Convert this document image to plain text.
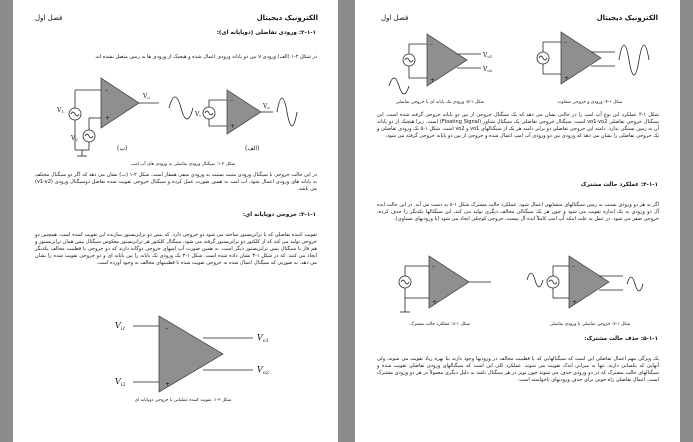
الکترونیک دیجیتال
فصل اول
۲-۱-۱: ورودی تفاضلی (دوپایانه ای):
در شکل ۲-۱ (الف) ورودی v بین دو پایانه ورودی اعمال شده و هیچیک از ورودی ها به زمین متصل نشده اند.
–
+
Vo
V1
V2
(ب)
–
+
Vi
Vo
(الف)
شکل ۲-۱: سیگنال ورودی تفاضلی به ورودی های آپ امپ
در این حالت خروجی با سیگنال ورودی مثبت نسبت به ورودی منفی همفاز است. شکل ۲-۱ (ب) نشان می دهد که اگر دو سیگنال مختلف به پایانه های ورودی اعمال شود، آپ امپ به همین صورت عمل کرده و سیگنال خروجی تقویت شده تفاضل دوسیگنال ورودی (v1-v2) می باشد.
۳-۱-۱: خروجی دوپایانه ای:
تقویت کننده تفاضلی که با ترانزیستور ساخته می شود دو خروجی دارد. که بیس دو ترانزیستور سازنده این تقویت کننده است. همچنین دو خروجی تولید می کند که از کلکتور دو ترانزیستور گرفته می شود. سیگنال کلکتور هر ترانزیستور معکوس سیگنال بیس همان ترانزیستور و هم فاز با سیگنال بیس ترانزیستور دیگر است. به همین صورت آپ امپهای خروجی دوگانه دارند که دو خروجی با قطبیت مخالف یکدیگر ایجاد می کنند. که در شکل ۱-۳ نشان داده شده است. شکل ۱-۳ یک ورودی تک پایانه را بین پایانه ای و دو خروجی تقویت شده را نشان می دهد. به صورتی که سیگنال اعمال شده به خروجی تقویت شده با قطبیتهای مخالف به وجود آورده است.
–
+
$V_{i1}$
$V_{i2}$
$V_{o1}$
$V_{o2}$
شکل ۳-۱: تقویت کننده عملیاتی با خروجی دوپایانه ای
الکترونیک دیجیتال
فصل اول
–
+
Vo1
Vo2
–
+
شکل ۱-۵: ورودی تک پایانه ای با خروجی تفاضلی	شکل ۱-۴: ورودی و خروجی متفاوت
شکل ۱-۴ عملکرد این نوع آپ امپ را در حالتی نشان می دهد که یک سیگنال خروجی از بین دو پایانه خروجی گرفته شده است. این سیگنال خروجی تفاضلی vo1-vo2 است. سیگنال خروجی تفاضلی یک سیگنال شناور (Floating Signal) است. زیرا هیچیک از دو پایانه آن به زمین بستگی ندارد. دامنه این خروجی تفاضلی دو برابر دامنه هر یک از سیگنالهای vo1 و vo2 است. شکل ۱-۵ یک ورودی تفاضلی و یک خروجی تفاضلی را نشان می دهد که ورودی بین دو ورودی آپ امپ اعمال شده و خروجی از بین دو پایانه خروجی گرفته می شود.
۴-۱-۱: عملکرد حالت مشترک
اگر به هر دو ورودی نسبت به زمین سیگنالهای متشابهی اعمال شود، عملکرد حالت مشترک شکل ۱-۸ به دست می آید. در این حالت ایده آل دو ورودی به یک اندازه تقویت می شود و چون هر یک سیگنالی مخالف دیگری تولید می کند، این سیگنالها یکدیگر را حذف کرده، خروجی صفر می شود. در عمل به علت اینکه آپ امپ کاملاً ایده آل نیست، خروجی کوچکی ایجاد می شود (با ورودیهای مساوی).
–
+
–
+
شکل ۱-۸: عملکرد حالت مشترک	شکل ۱-۷: خروجی تفاضلی با ورودی تفاضلی
۵-۱-۱: حذف حالت مشترک:
یک ویژگی مهم اعمال تفاضلی این است که سیگنالهایی که با قطبیت مخالف در ورودیها وجود دارند بنا بهره زیاد تقویت می شوند، ولی آنهایی که یکسانی دارند، تنها به میزانی اندک تقویت می شوند. عملکرد کلی این است که سیگنالهای ورودی تفاضلی تقویت شده و سیگنالهای حالت مشترک که در دو ورودی حذف می شوند چون نویز در هر سیگنال باشد به دلیل دیگری معمولاً در هر دو ورودی مشترک است. اعمال تفاضلی راه خوبی برای حذف ورودیهای ناخواسته است.
